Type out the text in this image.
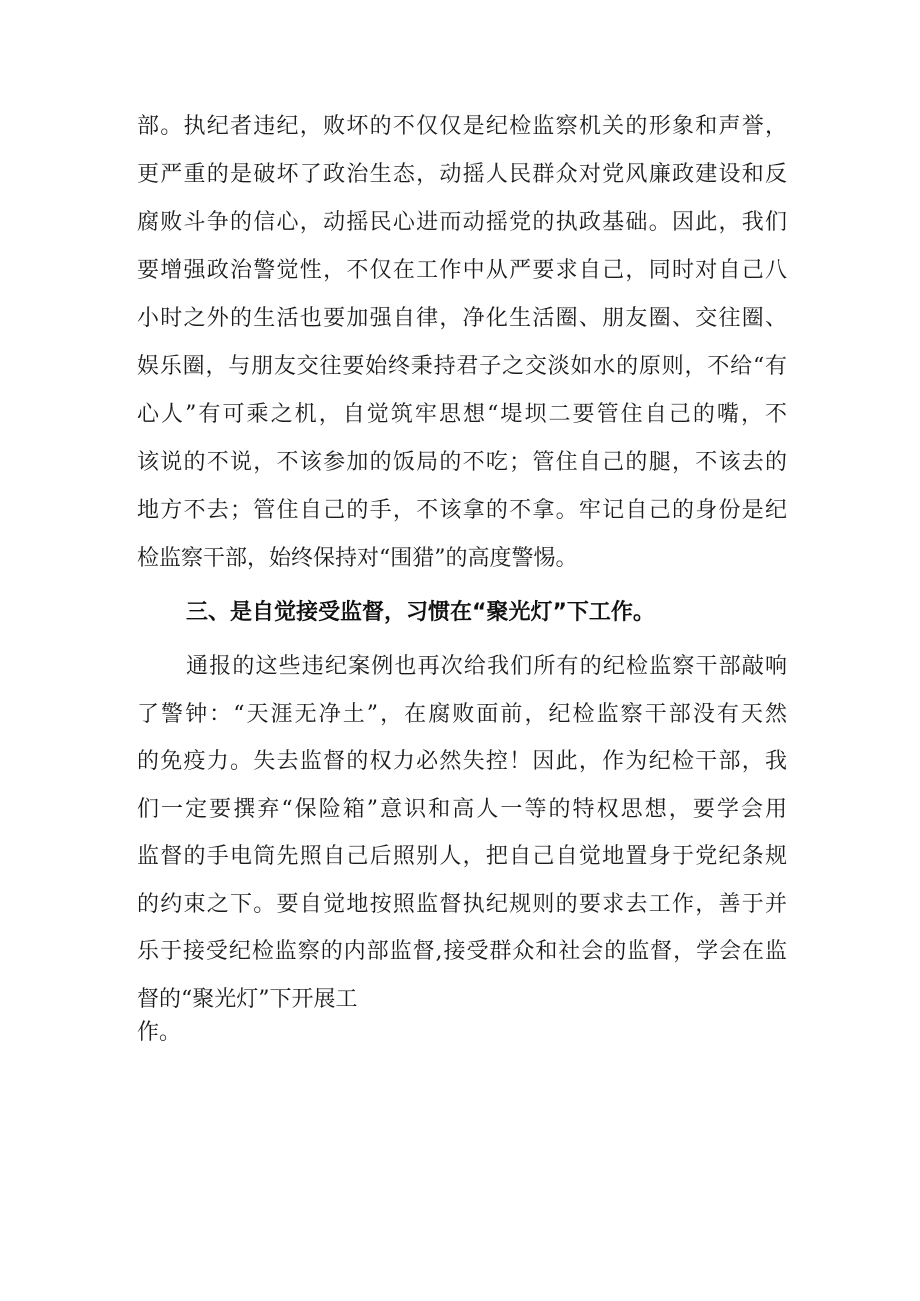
部。执纪者违纪，败坏的不仅仅是纪检监察机关的形象和声誉，
更严重的是破坏了政治生态，动摇人民群众对党风廉政建设和反
腐败斗争的信心，动摇民心进而动摇党的执政基础。因此，我们
要增强政治警觉性，不仅在工作中从严要求自己，同时对自己八
小时之外的生活也要加强自律，净化生活圈、朋友圈、交往圈、
娱乐圈，与朋友交往要始终秉持君子之交淡如水的原则，不给“有
心人”有可乘之机，自觉筑牢思想“堤坝二要管住自己的嘴，不
该说的不说，不该参加的饭局的不吃；管住自己的腿，不该去的
地方不去；管住自己的手，不该拿的不拿。牢记自己的身份是纪
检监察干部，始终保持对“围猎”的高度警惕。
三、是自觉接受监督，习惯在“聚光灯”下工作。
通报的这些违纪案例也再次给我们所有的纪检监察干部敲响
了警钟：“天涯无净土”，在腐败面前，纪检监察干部没有天然
的免疫力。失去监督的权力必然失控！因此，作为纪检干部，我
们一定要撰弃“保险箱”意识和高人一等的特权思想，要学会用
监督的手电筒先照自己后照别人，把自己自觉地置身于党纪条规
的约束之下。要自觉地按照监督执纪规则的要求去工作，善于并
乐于接受纪检监察的内部监督,接受群众和社会的监督，学会在监
督的“聚光灯”下开展工
作。
